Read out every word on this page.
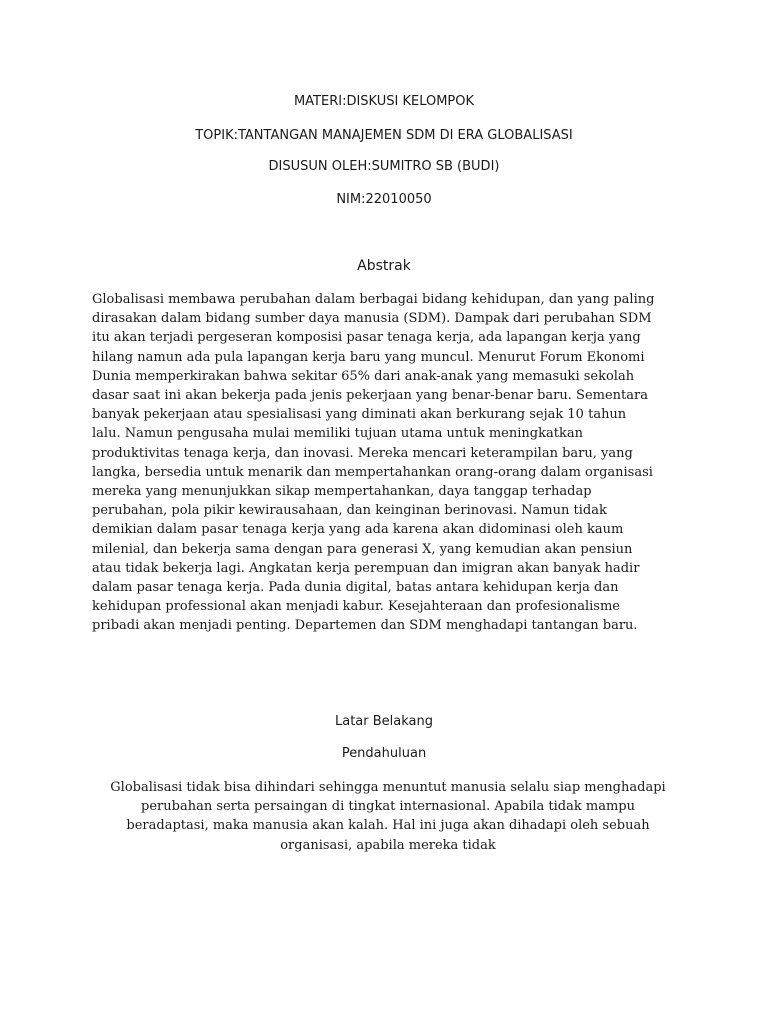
MATERI:DISKUSI KELOMPOK
TOPIK:TANTANGAN MANAJEMEN SDM DI ERA GLOBALISASI
DISUSUN OLEH:SUMITRO SB (BUDI)
NIM:22010050
Abstrak
Globalisasi membawa perubahan dalam berbagai bidang kehidupan, dan yang paling
dirasakan dalam bidang sumber daya manusia (SDM). Dampak dari perubahan SDM
itu akan terjadi pergeseran komposisi pasar tenaga kerja, ada lapangan kerja yang
hilang namun ada pula lapangan kerja baru yang muncul. Menurut Forum Ekonomi
Dunia memperkirakan bahwa sekitar 65% dari anak-anak yang memasuki sekolah
dasar saat ini akan bekerja pada jenis pekerjaan yang benar-benar baru. Sementara
banyak pekerjaan atau spesialisasi yang diminati akan berkurang sejak 10 tahun
lalu. Namun pengusaha mulai memiliki tujuan utama untuk meningkatkan
produktivitas tenaga kerja, dan inovasi. Mereka mencari keterampilan baru, yang
langka, bersedia untuk menarik dan mempertahankan orang-orang dalam organisasi
mereka yang menunjukkan sikap mempertahankan, daya tanggap terhadap
perubahan, pola pikir kewirausahaan, dan keinginan berinovasi. Namun tidak
demikian dalam pasar tenaga kerja yang ada karena akan didominasi oleh kaum
milenial, dan bekerja sama dengan para generasi X, yang kemudian akan pensiun
atau tidak bekerja lagi. Angkatan kerja perempuan dan imigran akan banyak hadir
dalam pasar tenaga kerja. Pada dunia digital, batas antara kehidupan kerja dan
kehidupan professional akan menjadi kabur. Kesejahteraan dan profesionalisme
pribadi akan menjadi penting. Departemen dan SDM menghadapi tantangan baru.
Latar Belakang
Pendahuluan
Globalisasi tidak bisa dihindari sehingga menuntut manusia selalu siap menghadapi
perubahan serta persaingan di tingkat internasional. Apabila tidak mampu
beradaptasi, maka manusia akan kalah. Hal ini juga akan dihadapi oleh sebuah
organisasi, apabila mereka tidak
